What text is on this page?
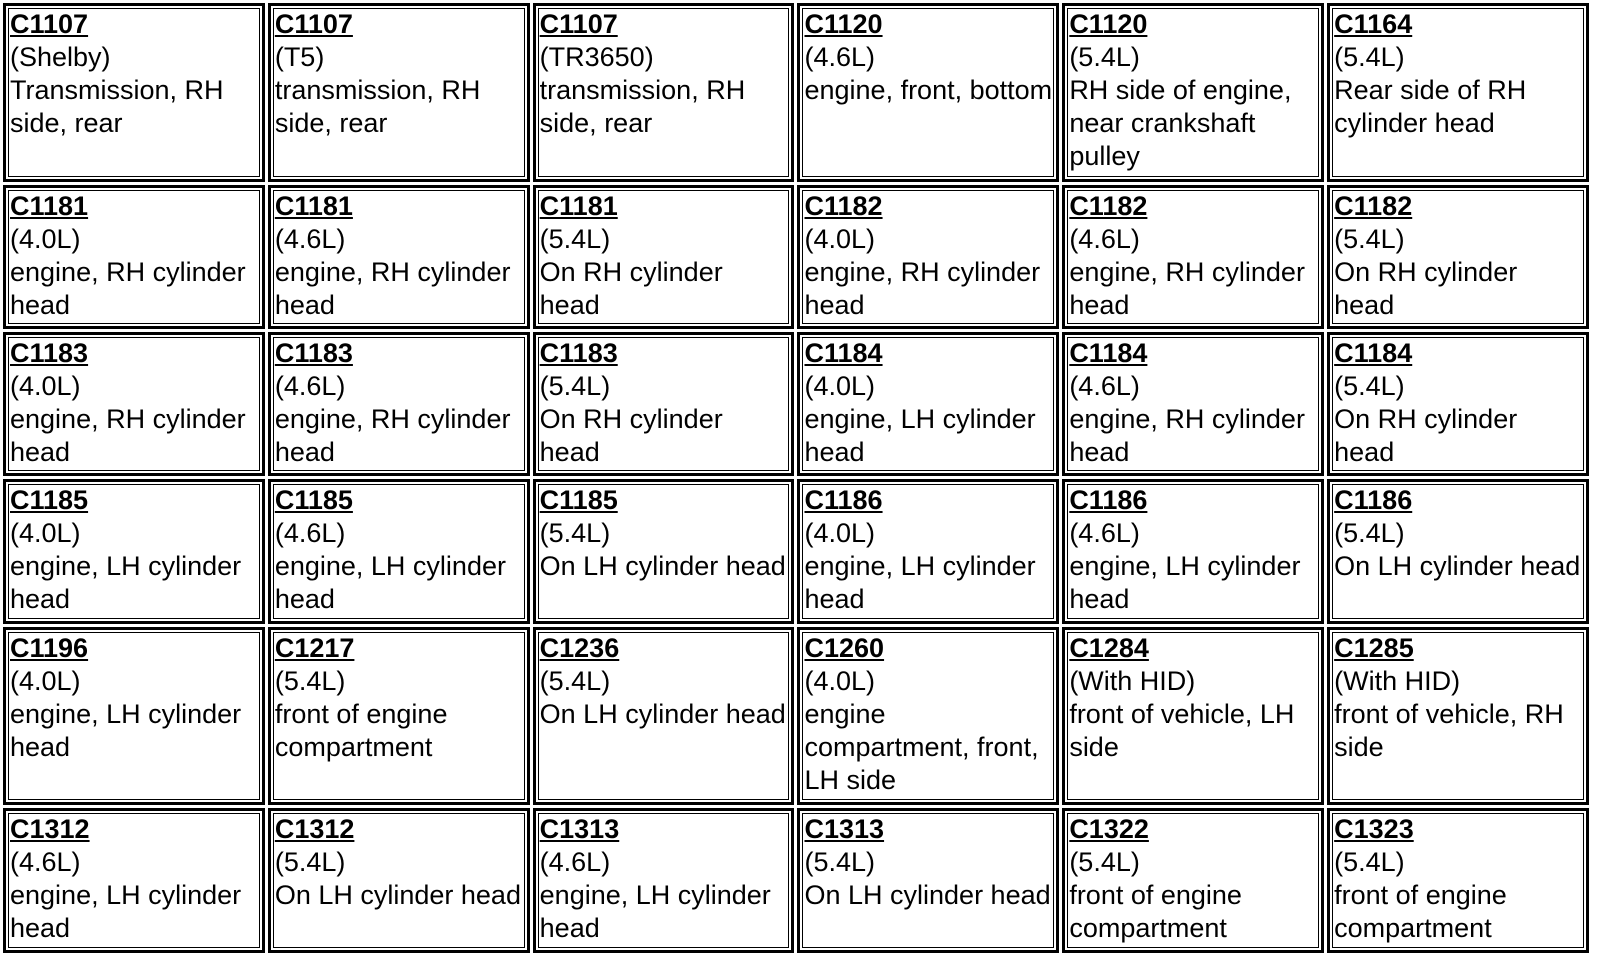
C1107
(Shelby)
Transmission, RH side, rear	C1107
(T5)
transmission, RH side, rear	C1107
(TR3650)
transmission, RH side, rear	C1120
(4.6L)
engine, front, bottom	C1120
(5.4L)
RH side of engine, near crankshaft pulley	C1164
(5.4L)
Rear side of RH cylinder head

C1181
(4.0L)
engine, RH cylinder head	C1181
(4.6L)
engine, RH cylinder head	C1181
(5.4L)
On RH cylinder head	C1182
(4.0L)
engine, RH cylinder head	C1182
(4.6L)
engine, RH cylinder head	C1182
(5.4L)
On RH cylinder head

C1183
(4.0L)
engine, RH cylinder head	C1183
(4.6L)
engine, RH cylinder head	C1183
(5.4L)
On RH cylinder head	C1184
(4.0L)
engine, LH cylinder head	C1184
(4.6L)
engine, RH cylinder head	C1184
(5.4L)
On RH cylinder head

C1185
(4.0L)
engine, LH cylinder head	C1185
(4.6L)
engine, LH cylinder head	C1185
(5.4L)
On LH cylinder head	C1186
(4.0L)
engine, LH cylinder head	C1186
(4.6L)
engine, LH cylinder head	C1186
(5.4L)
On LH cylinder head

C1196
(4.0L)
engine, LH cylinder head	C1217
(5.4L)
front of engine compartment	C1236
(5.4L)
On LH cylinder head	C1260
(4.0L)
engine compartment, front, LH side	C1284
(With HID)
front of vehicle, LH side	C1285
(With HID)
front of vehicle, RH side

C1312
(4.6L)
engine, LH cylinder head	C1312
(5.4L)
On LH cylinder head	C1313
(4.6L)
engine, LH cylinder head	C1313
(5.4L)
On LH cylinder head	C1322
(5.4L)
front of engine compartment	C1323
(5.4L)
front of engine compartment
